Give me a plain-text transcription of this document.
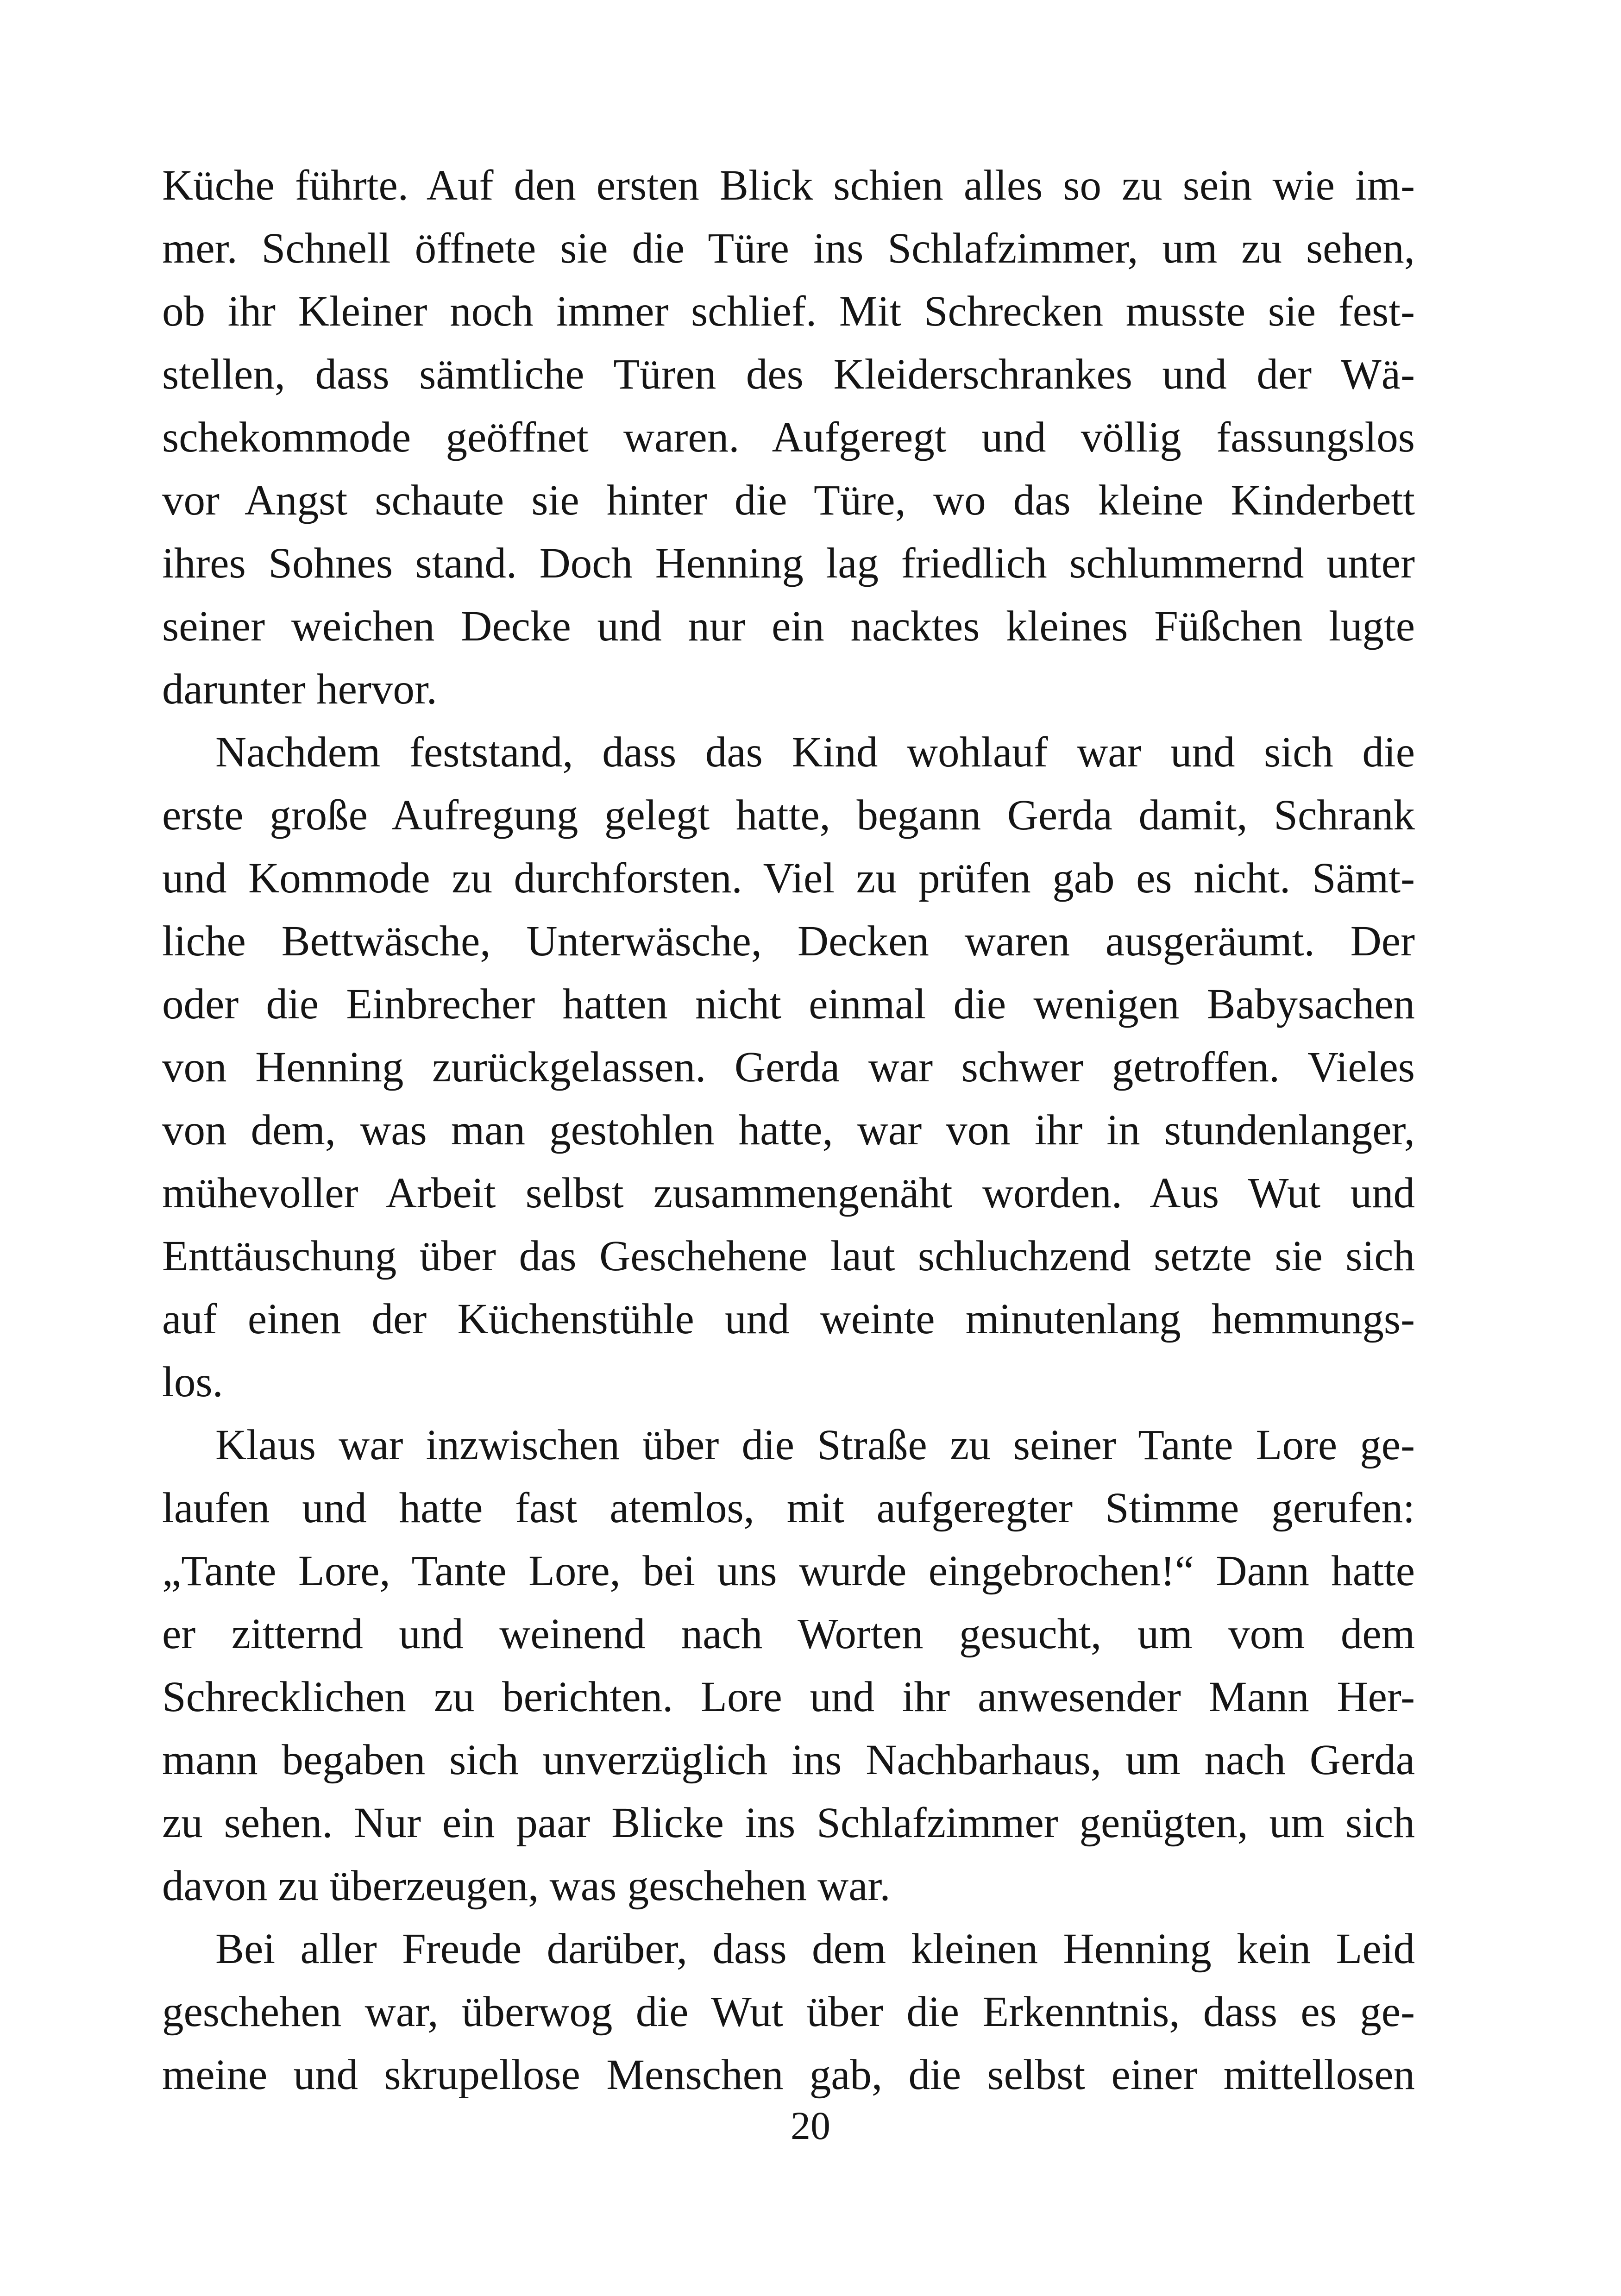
Küche führte. Auf den ersten Blick schien alles so zu sein wie im-
mer. Schnell öffnete sie die Türe ins Schlafzimmer, um zu sehen,
ob ihr Kleiner noch immer schlief. Mit Schrecken musste sie fest-
stellen, dass sämtliche Türen des Kleiderschrankes und der Wä-
schekommode geöffnet waren. Aufgeregt und völlig fassungslos
vor Angst schaute sie hinter die Türe, wo das kleine Kinderbett
ihres Sohnes stand. Doch Henning lag friedlich schlummernd unter
seiner weichen Decke und nur ein nacktes kleines Füßchen lugte
darunter hervor.
Nachdem feststand, dass das Kind wohlauf war und sich die
erste große Aufregung gelegt hatte, begann Gerda damit, Schrank
und Kommode zu durchforsten. Viel zu prüfen gab es nicht. Sämt-
liche Bettwäsche, Unterwäsche, Decken waren ausgeräumt. Der
oder die Einbrecher hatten nicht einmal die wenigen Babysachen
von Henning zurückgelassen. Gerda war schwer getroffen. Vieles
von dem, was man gestohlen hatte, war von ihr in stundenlanger,
mühevoller Arbeit selbst zusammengenäht worden. Aus Wut und
Enttäuschung über das Geschehene laut schluchzend setzte sie sich
auf einen der Küchenstühle und weinte minutenlang hemmungs-
los.
Klaus war inzwischen über die Straße zu seiner Tante Lore ge-
laufen und hatte fast atemlos, mit aufgeregter Stimme gerufen:
„Tante Lore, Tante Lore, bei uns wurde eingebrochen!“ Dann hatte
er zitternd und weinend nach Worten gesucht, um vom dem
Schrecklichen zu berichten. Lore und ihr anwesender Mann Her-
mann begaben sich unverzüglich ins Nachbarhaus, um nach Gerda
zu sehen. Nur ein paar Blicke ins Schlafzimmer genügten, um sich
davon zu überzeugen, was geschehen war.
Bei aller Freude darüber, dass dem kleinen Henning kein Leid
geschehen war, überwog die Wut über die Erkenntnis, dass es ge-
meine und skrupellose Menschen gab, die selbst einer mittellosen
20
